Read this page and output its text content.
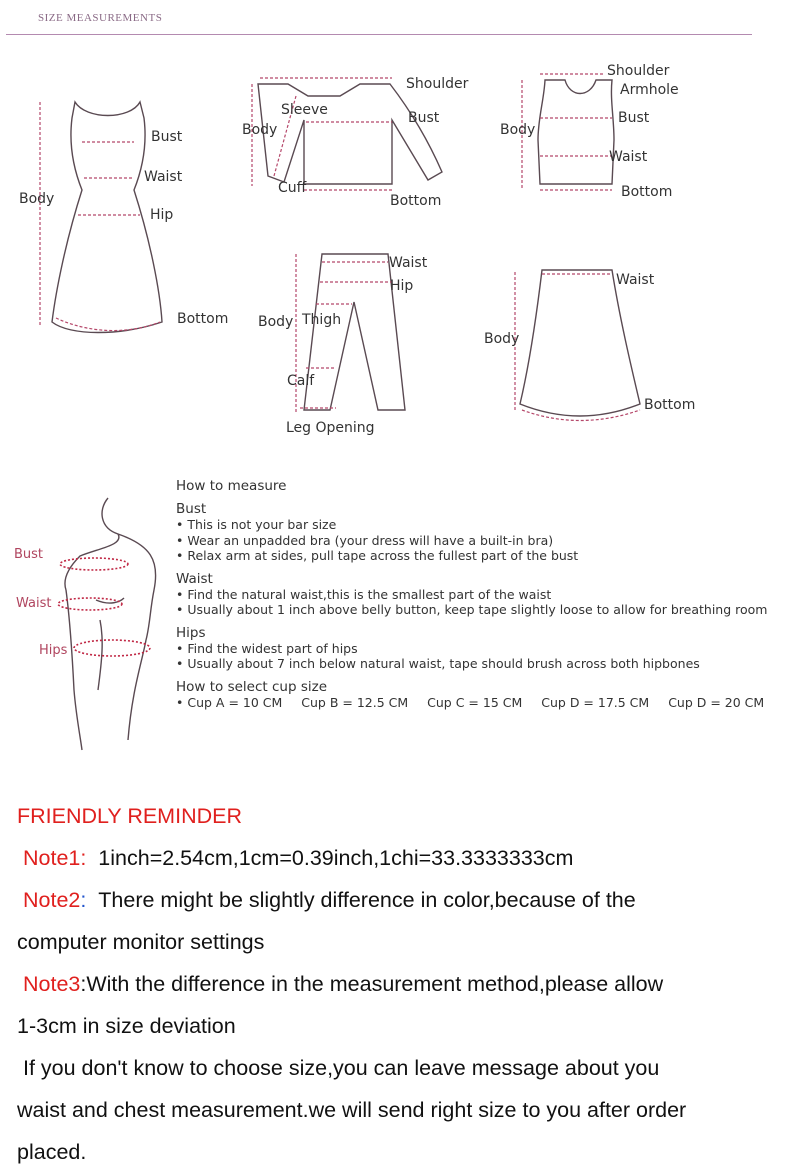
SIZE MEASUREMENTS
Bust
Waist
Body
Hip
Bottom
Shoulder
Sleeve	Bust
Body
Cuff
Bottom
Shoulder
Armhole
Bust
Body
Waist
Bottom
Waist
Hip
Body Thigh
Calf
Leg Opening
Waist
Body
Bottom
Bust
Waist
Hips
How to measure
Bust
• This is not your bar size
• Wear an unpadded bra (your dress will have a built-in bra)
• Relax arm at sides, pull tape across the fullest part of the bust
Waist
• Find the natural waist,this is the smallest part of the waist
• Usually about 1 inch above belly button, keep tape slightly loose to allow for breathing room
Hips
• Find the widest part of hips
• Usually about 7 inch below natural waist, tape should brush across both hipbones
How to select cup size
• Cup A = 10 CM Cup B = 12.5 CM Cup C = 15 CM Cup D = 17.5 CM Cup D = 20 CM
FRIENDLY REMINDER
Note1: 1inch=2.54cm,1cm=0.39inch,1chi=33.3333333cm
Note2: There might be slightly difference in color,because of the
computer monitor settings
Note3:With the difference in the measurement method,please allow
1-3cm in size deviation
If you don't know to choose size,you can leave message about you
waist and chest measurement.we will send right size to you after order
placed.
